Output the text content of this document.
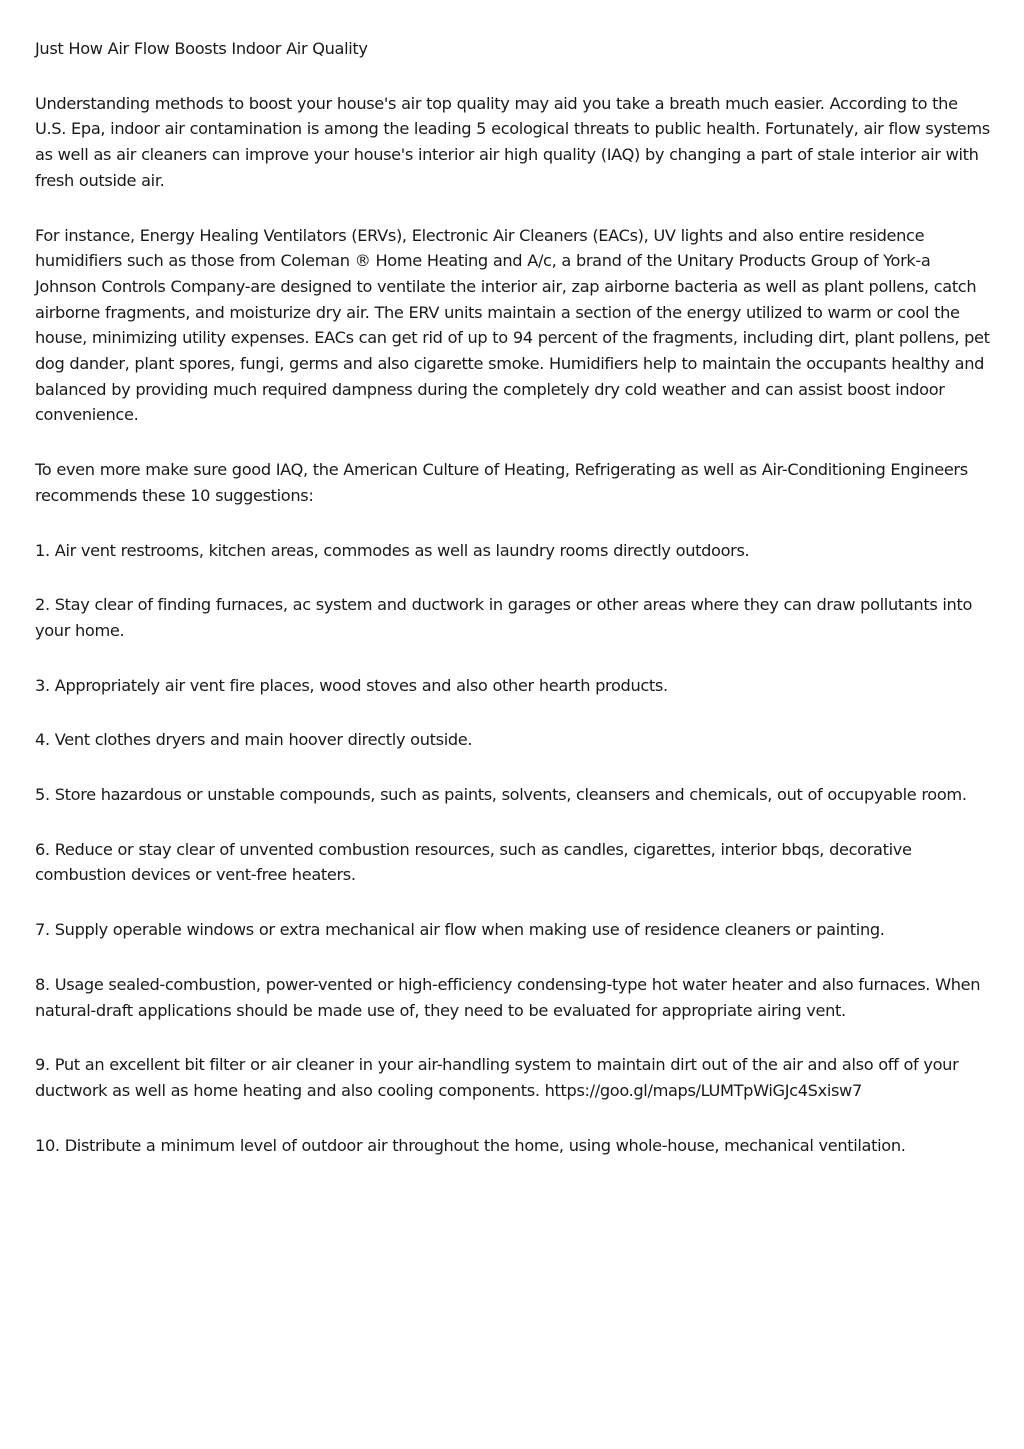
Just How Air Flow Boosts Indoor Air Quality

Understanding methods to boost your house's air top quality may aid you take a breath much easier. According to the U.S. Epa, indoor air contamination is among the leading 5 ecological threats to public health. Fortunately, air flow systems as well as air cleaners can improve your house's interior air high quality (IAQ) by changing a part of stale interior air with fresh outside air.

For instance, Energy Healing Ventilators (ERVs), Electronic Air Cleaners (EACs), UV lights and also entire residence humidifiers such as those from Coleman ® Home Heating and A/c, a brand of the Unitary Products Group of York-a Johnson Controls Company-are designed to ventilate the interior air, zap airborne bacteria as well as plant pollens, catch airborne fragments, and moisturize dry air. The ERV units maintain a section of the energy utilized to warm or cool the house, minimizing utility expenses. EACs can get rid of up to 94 percent of the fragments, including dirt, plant pollens, pet dog dander, plant spores, fungi, germs and also cigarette smoke. Humidifiers help to maintain the occupants healthy and balanced by providing much required dampness during the completely dry cold weather and can assist boost indoor convenience.

To even more make sure good IAQ, the American Culture of Heating, Refrigerating as well as Air-Conditioning Engineers recommends these 10 suggestions:

1. Air vent restrooms, kitchen areas, commodes as well as laundry rooms directly outdoors.

2. Stay clear of finding furnaces, ac system and ductwork in garages or other areas where they can draw pollutants into your home.

3. Appropriately air vent fire places, wood stoves and also other hearth products.

4. Vent clothes dryers and main hoover directly outside.

5. Store hazardous or unstable compounds, such as paints, solvents, cleansers and chemicals, out of occupyable room.

6. Reduce or stay clear of unvented combustion resources, such as candles, cigarettes, interior bbqs, decorative combustion devices or vent-free heaters.

7. Supply operable windows or extra mechanical air flow when making use of residence cleaners or painting.

8. Usage sealed-combustion, power-vented or high-efficiency condensing-type hot water heater and also furnaces. When natural-draft applications should be made use of, they need to be evaluated for appropriate airing vent.

9. Put an excellent bit filter or air cleaner in your air-handling system to maintain dirt out of the air and also off of your ductwork as well as home heating and also cooling components. https://goo.gl/maps/LUMTpWiGJc4Sxisw7

10. Distribute a minimum level of outdoor air throughout the home, using whole-house, mechanical ventilation.
